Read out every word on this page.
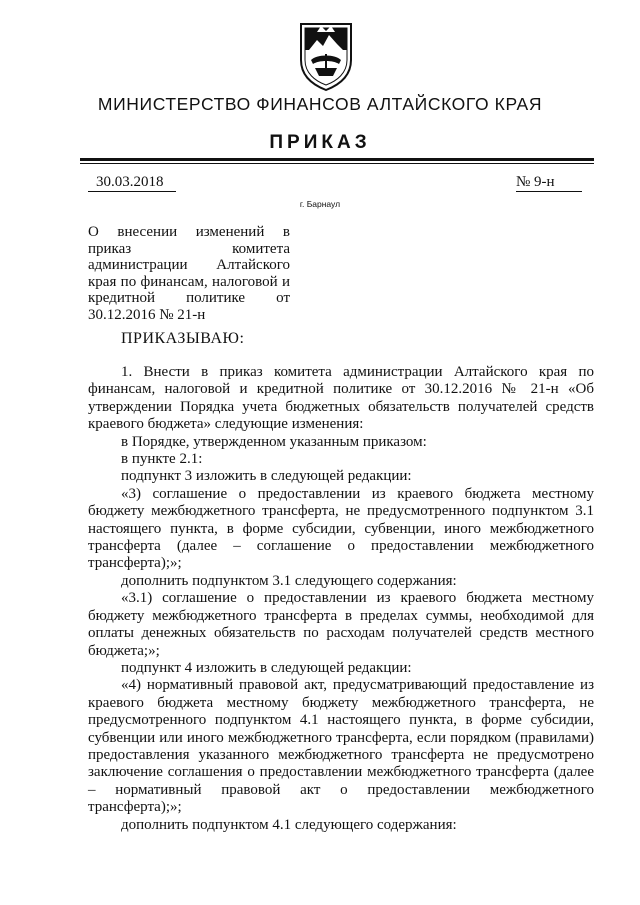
МИНИСТЕРСТВО ФИНАНСОВ АЛТАЙСКОГО КРАЯ
ПРИКАЗ
30.03.2018	№ 9-н
г. Барнаул
О внесении изменений в приказ комитета администрации Алтайского края по финансам, налоговой и кредитной политике от 30.12.2016 № 21-н
ПРИКАЗЫВАЮ:

1. Внести в приказ комитета администрации Алтайского края по финансам, налоговой и кредитной политике от 30.12.2016 № 21-н «Об утверждении Порядка учета бюджетных обязательств получателей средств краевого бюджета» следующие изменения:

в Порядке, утвержденном указанным приказом:

в пункте 2.1:

подпункт 3 изложить в следующей редакции:

«3) соглашение о предоставлении из краевого бюджета местному бюджету межбюджетного трансферта, не предусмотренного подпунктом 3.1 настоящего пункта, в форме субсидии, субвенции, иного межбюджетного трансферта (далее – соглашение о предоставлении межбюджетного трансферта);»;

дополнить подпунктом 3.1 следующего содержания:

«3.1) соглашение о предоставлении из краевого бюджета местному бюджету межбюджетного трансферта в пределах суммы, необходимой для оплаты денежных обязательств по расходам получателей средств местного бюджета;»;

подпункт 4 изложить в следующей редакции:

«4) нормативный правовой акт, предусматривающий предоставление из краевого бюджета местному бюджету межбюджетного трансферта, не предусмотренного подпунктом 4.1 настоящего пункта, в форме субсидии, субвенции или иного межбюджетного трансферта, если порядком (правилами) предоставления указанного межбюджетного трансферта не предусмотрено заключение соглашения о предоставлении межбюджетного трансферта (далее – нормативный правовой акт о предоставлении межбюджетного трансферта);»;

дополнить подпунктом 4.1 следующего содержания:
